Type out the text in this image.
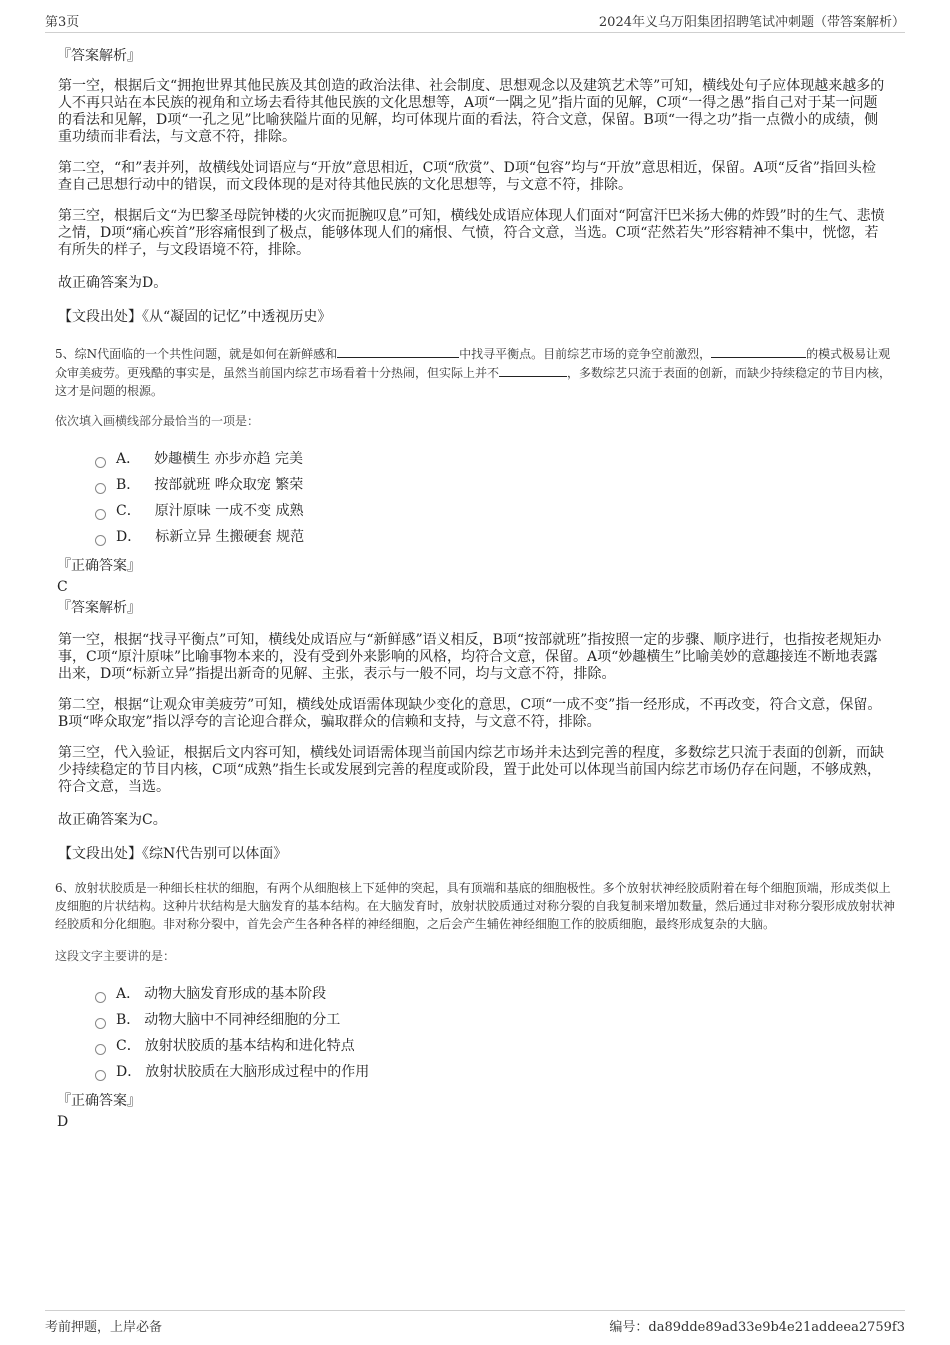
第3页	2024年义乌万阳集团招聘笔试冲刺题（带答案解析）
『答案解析』

第一空，根据后文“拥抱世界其他民族及其创造的政治法律、社会制度、思想观念以及建筑艺术等”可知，横线处句子应体现越来越多的人不再只站在本民族的视角和立场去看待其他民族的文化思想等，A项“一隅之见”指片面的见解，C项“一得之愚”指自己对于某一问题的看法和见解，D项“一孔之见”比喻狭隘片面的见解，均可体现片面的看法，符合文意，保留。B项“一得之功”指一点微小的成绩，侧重功绩而非看法，与文意不符，排除。

第二空，“和”表并列，故横线处词语应与“开放”意思相近，C项“欣赏”、D项“包容”均与“开放”意思相近，保留。A项“反省”指回头检查自己思想行动中的错误，而文段体现的是对待其他民族的文化思想等，与文意不符，排除。

第三空，根据后文“为巴黎圣母院钟楼的火灾而扼腕叹息”可知，横线处成语应体现人们面对“阿富汗巴米扬大佛的炸毁”时的生气、悲愤之情，D项“痛心疾首”形容痛恨到了极点，能够体现人们的痛恨、气愤，符合文意，当选。C项“茫然若失”形容精神不集中，恍惚，若有所失的样子，与文段语境不符，排除。

故正确答案为D。

【文段出处】《从“凝固的记忆”中透视历史》

5、综N代面临的一个共性问题，就是如何在新鲜感和	中找寻平衡点。目前综艺市场的竞争空前激烈，	的模式极易让观众审美疲劳。更残酷的事实是，虽然当前国内综艺市场看着十分热闹，但实际上并不	，多数综艺只流于表面的创新，而缺少持续稳定的节目内核，这才是问题的根源。

依次填入画横线部分最恰当的一项是：

A． 妙趣横生 亦步亦趋 完美
B． 按部就班 哗众取宠 繁荣
C． 原汁原味 一成不变 成熟
D． 标新立异 生搬硬套 规范
『正确答案』
C
『答案解析』

第一空，根据“找寻平衡点”可知，横线处成语应与“新鲜感”语义相反，B项“按部就班”指按照一定的步骤、顺序进行，也指按老规矩办事，C项“原汁原味”比喻事物本来的，没有受到外来影响的风格，均符合文意，保留。A项“妙趣横生”比喻美妙的意趣接连不断地表露出来，D项“标新立异”指提出新奇的见解、主张，表示与一般不同，均与文意不符，排除。

第二空，根据“让观众审美疲劳”可知，横线处成语需体现缺少变化的意思，C项“一成不变”指一经形成，不再改变，符合文意，保留。B项“哗众取宠”指以浮夸的言论迎合群众，骗取群众的信赖和支持，与文意不符，排除。

第三空，代入验证，根据后文内容可知，横线处词语需体现当前国内综艺市场并未达到完善的程度，多数综艺只流于表面的创新，而缺少持续稳定的节目内核，C项“成熟”指生长或发展到完善的程度或阶段，置于此处可以体现当前国内综艺市场仍存在问题，不够成熟，符合文意，当选。

故正确答案为C。

【文段出处】《综N代告别可以体面》

6、放射状胶质是一种细长柱状的细胞，有两个从细胞核上下延伸的突起，具有顶端和基底的细胞极性。多个放射状神经胶质附着在每个细胞顶端，形成类似上皮细胞的片状结构。这种片状结构是大脑发育的基本结构。在大脑发育时，放射状胶质通过对称分裂的自我复制来增加数量，然后通过非对称分裂形成放射状神经胶质和分化细胞。非对称分裂中，首先会产生各种各样的神经细胞，之后会产生辅佐神经细胞工作的胶质细胞，最终形成复杂的大脑。

这段文字主要讲的是：

A． 动物大脑发育形成的基本阶段
B． 动物大脑中不同神经细胞的分工
C． 放射状胶质的基本结构和进化特点
D． 放射状胶质在大脑形成过程中的作用
『正确答案』
D
考前押题，上岸必备	编号：da89dde89ad33e9b4e21addeea2759f3
